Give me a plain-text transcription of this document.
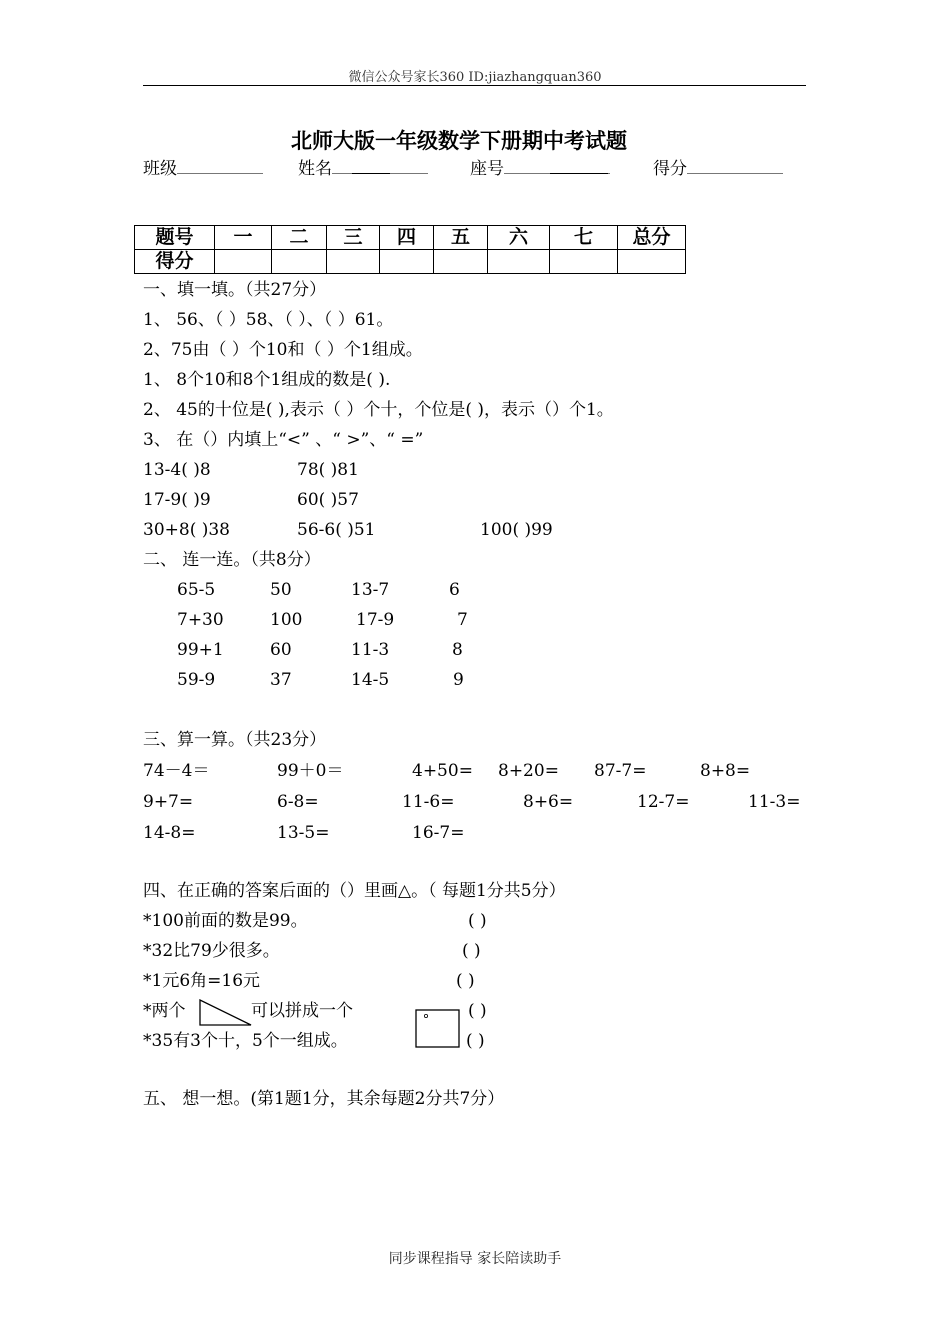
微信公众号家长360 ID:jiazhangquan360
北师大版一年级数学下册期中考试题
班级	姓名	座号	得分
题号	一	二	三	四	五	六	七	总分
得分								
一、填一填。（共27分）
1、 56、（ ）58、（ ）、（ ）61。
2、75由（ ）个10和（ ）个1组成。
1、 8个10和8个1组成的数是( ).
2、 45的十位是( ),表示（ ）个十，个位是( )，表示（）个1。
3、 在（）内填上“<” 、“ >”、“ =”
13-4( )8	78( )81
17-9( )9	60( )57
30+8( )38	56-6( )51	100( )99
二、 连一连。（共8分）
65-5	50	13-7	6
7+30	100	17-9	7
99+1	60	11-3	8
59-9	37	14-5	9
三、算一算。（共23分）
74－4＝	99＋0＝	4+50= 8+20= 87-7=	8+8=
9+7=	6-8=	11-6=	8+6=	12-7=	11-3=
14-8=	13-5=	16-7=
四、在正确的答案后面的（）里画△。（ 每题1分共5分）
*100前面的数是99。	( )
*32比79少很多。	( )
*1元6角=16元	( )
*两个	可以拼成一个	( )
*35有3个十，5个一组成。	( )
五、 想一想。(第1题1分，其余每题2分共7分）
同步课程指导 家长陪读助手
